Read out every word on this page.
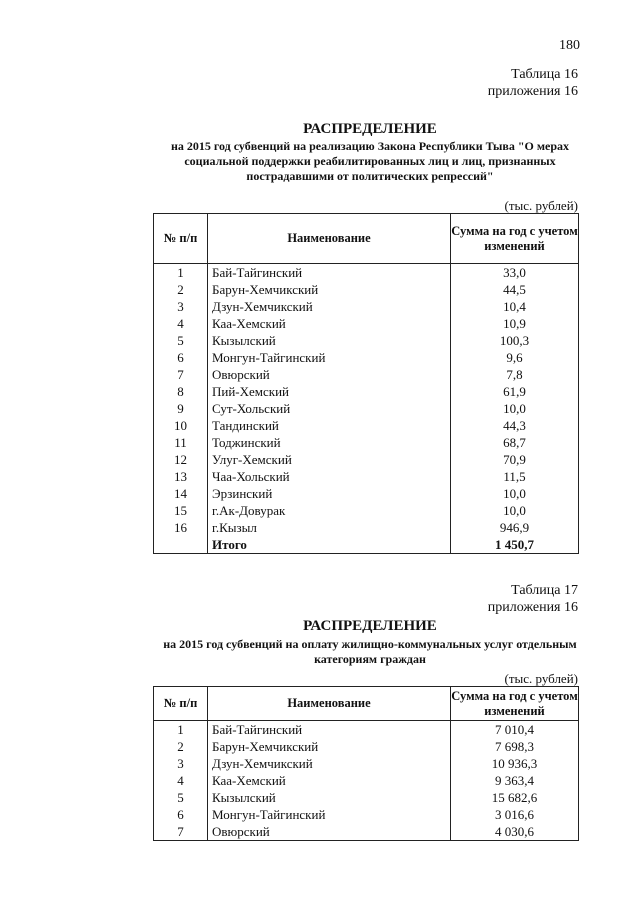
180
Таблица 16
приложения 16
РАСПРЕДЕЛЕНИЕ
на 2015 год субвенций на реализацию Закона Республики Тыва "О мерах социальной поддержки реабилитированных лиц и лиц, признанных пострадавшими от политических репрессий"
(тыс. рублей)
№ п/п	Наименование	Сумма на год с учетом изменений
1	Бай-Тайгинский	33,0
2	Барун-Хемчикский	44,5
3	Дзун-Хемчикский	10,4
4	Каа-Хемский	10,9
5	Кызылский	100,3
6	Монгун-Тайгинский	9,6
7	Овюрский	7,8
8	Пий-Хемский	61,9
9	Сут-Хольский	10,0
10	Тандинский	44,3
11	Тоджинский	68,7
12	Улуг-Хемский	70,9
13	Чаа-Хольский	11,5
14	Эрзинский	10,0
15	г.Ак-Довурак	10,0
16	г.Кызыл	946,9
	Итого	1 450,7
Таблица 17
приложения 16
РАСПРЕДЕЛЕНИЕ
на 2015 год субвенций на оплату жилищно-коммунальных услуг отдельным категориям граждан
(тыс. рублей)
№ п/п	Наименование	Сумма на год с учетом изменений
1	Бай-Тайгинский	7 010,4
2	Барун-Хемчикский	7 698,3
3	Дзун-Хемчикский	10 936,3
4	Каа-Хемский	9 363,4
5	Кызылский	15 682,6
6	Монгун-Тайгинский	3 016,6
7	Овюрский	4 030,6
